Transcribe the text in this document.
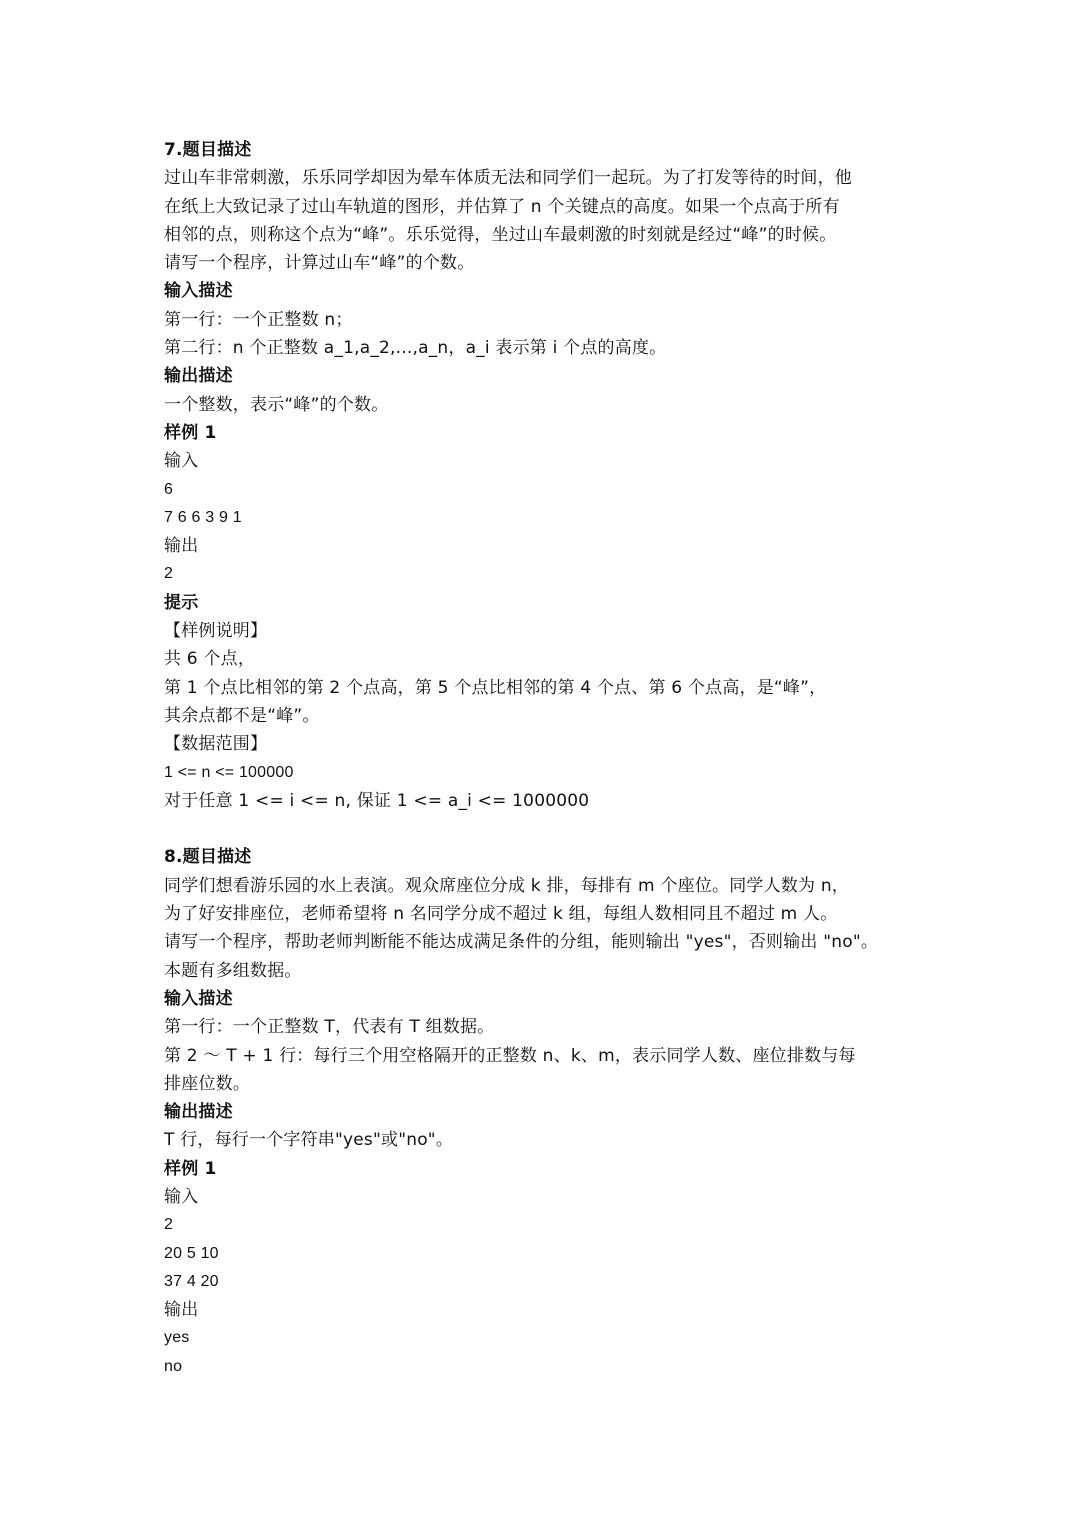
7.题目描述
过山车非常刺激，乐乐同学却因为晕车体质无法和同学们一起玩。为了打发等待的时间，他
在纸上大致记录了过山车轨道的图形，并估算了 n 个关键点的高度。如果一个点高于所有
相邻的点，则称这个点为“峰”。乐乐觉得，坐过山车最刺激的时刻就是经过“峰”的时候。
请写一个程序，计算过山车“峰”的个数。
输入描述
第一行：一个正整数 n；
第二行：n 个正整数 a_1,a_2,...,a_n，a_i 表示第 i 个点的高度。
输出描述
一个整数，表示“峰”的个数。
样例 1
输入
6
7 6 6 3 9 1
输出
2
提示
【样例说明】
共 6 个点，
第 1 个点比相邻的第 2 个点高，第 5 个点比相邻的第 4 个点、第 6 个点高，是“峰”，
其余点都不是“峰”。
【数据范围】
1 <= n <= 100000
对于任意 1 <= i <= n, 保证 1 <= a_i <= 1000000
8.题目描述
同学们想看游乐园的水上表演。观众席座位分成 k 排，每排有 m 个座位。同学人数为 n，
为了好安排座位，老师希望将 n 名同学分成不超过 k 组，每组人数相同且不超过 m 人。
请写一个程序，帮助老师判断能不能达成满足条件的分组，能则输出 "yes"，否则输出 "no"。
本题有多组数据。
输入描述
第一行：一个正整数 T，代表有 T 组数据。
第 2 ～ T + 1 行：每行三个用空格隔开的正整数 n、k、m，表示同学人数、座位排数与每
排座位数。
输出描述
T 行，每行一个字符串"yes"或"no"。
样例 1
输入
2
20 5 10
37 4 20
输出
yes
no
